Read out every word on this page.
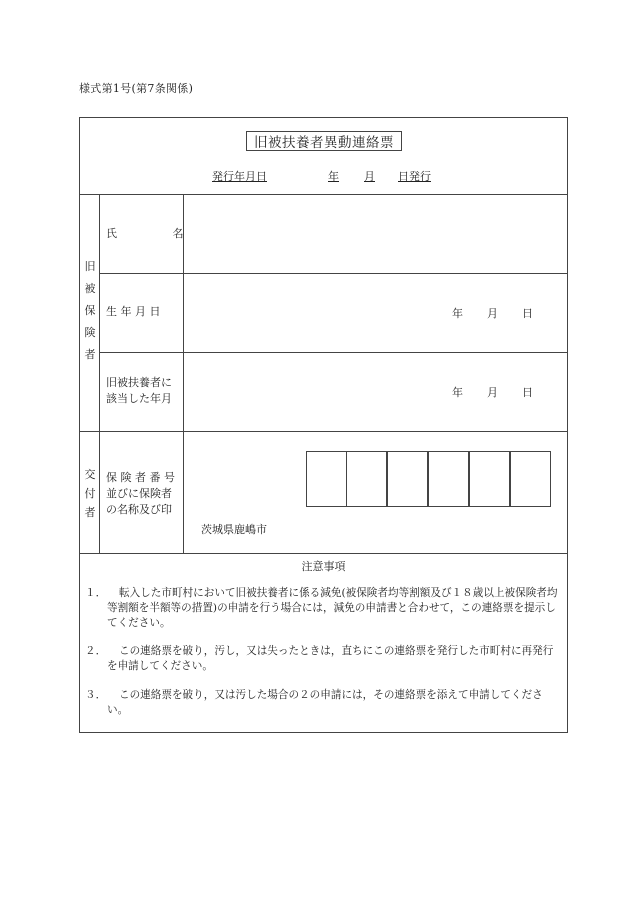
様式第1号(第7条関係)
旧被扶養者異動連絡票
発行年月日	年	月	日発行
旧
被
保
険
者
氏 名
生 年 月 日	年 月 日
旧被扶養者に
該当した年月	年 月 日
交
付
者
保 険 者 番 号
並びに保険者
の名称及び印
茨城県鹿嶋市
注意事項
１．	転入した市町村において旧被扶養者に係る減免(被保険者均等割額及び１８歳以上被保険者均等割額を半額等の措置)の申請を行う場合には，減免の申請書と合わせて，この連絡票を提示してください。
２．	この連絡票を破り，汚し，又は失ったときは，直ちにこの連絡票を発行した市町村に再発行を申請してください。
３．	この連絡票を破り，又は汚した場合の２の申請には，その連絡票を添えて申請してください。
